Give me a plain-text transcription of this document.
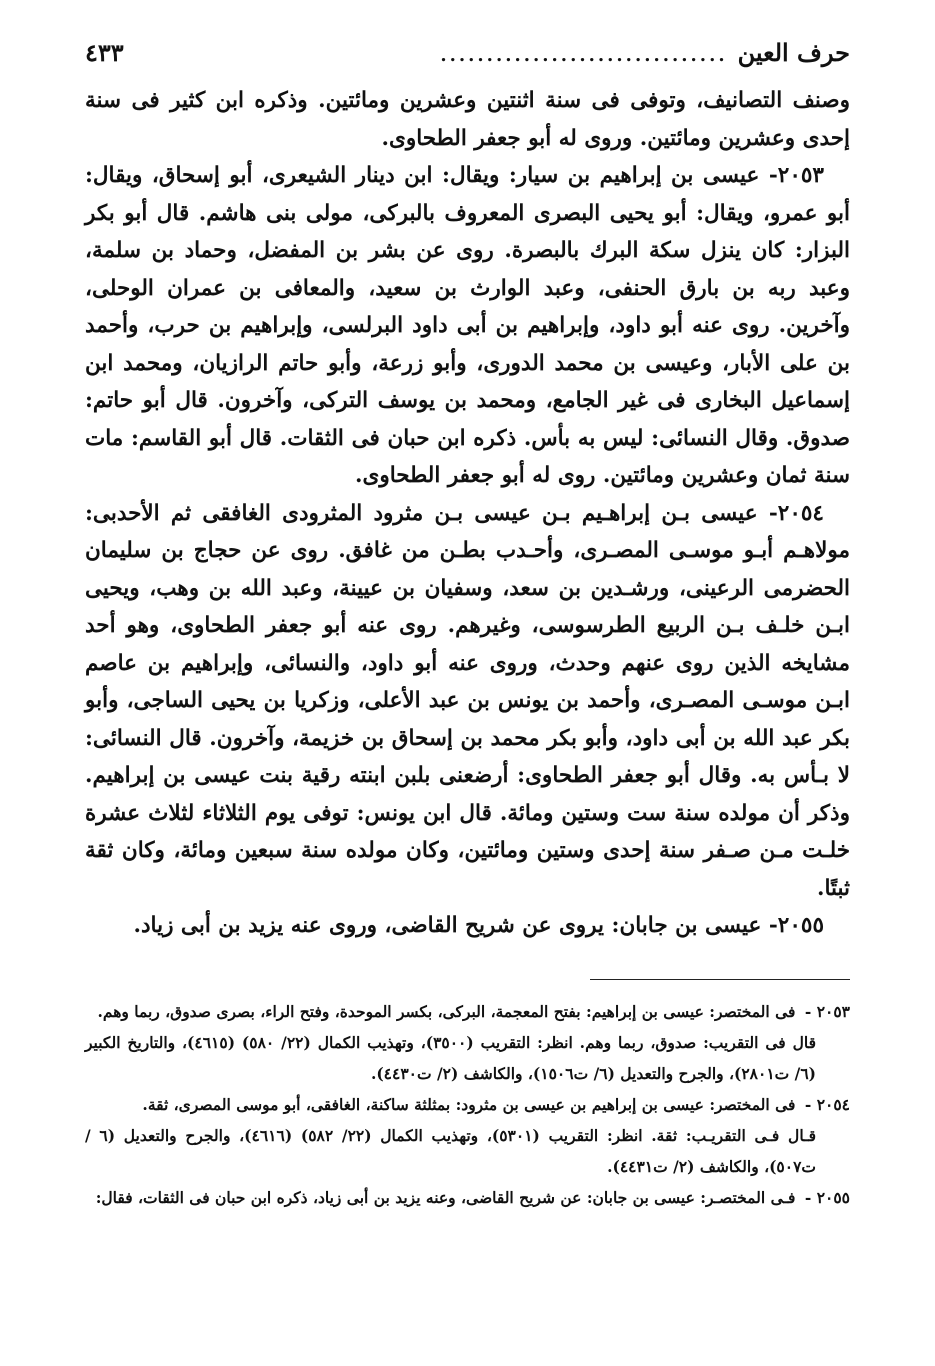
حرف العين
...............................
٤٣٣

وصنف التصانيف، وتوفى فى سنة اثنتين وعشرين ومائتين. وذكره ابن كثير فى سنة إحدى وعشرين ومائتين. وروى له أبو جعفر الطحاوى.

٢٠٥٣- عيسى بن إبراهيم بن سيار: ويقال: ابن دينار الشيعرى، أبو إسحاق، ويقال: أبو عمرو، ويقال: أبو يحيى البصرى المعروف بالبركى، مولى بنى هاشم. قال أبو بكر البزار: كان ينزل سكة البرك بالبصرة. روى عن بشر بن المفضل، وحماد بن سلمة، وعبد ربه بن بارق الحنفى، وعبد الوارث بن سعيد، والمعافى بن عمران الوحلى، وآخرين. روى عنه أبو داود، وإبراهيم بن أبى داود البرلسى، وإبراهيم بن حرب، وأحمد بن على الأبار، وعيسى بن محمد الدورى، وأبو زرعة، وأبو حاتم الرازيان، ومحمد ابن إسماعيل البخارى فى غير الجامع، ومحمد بن يوسف التركى، وآخرون. قال أبو حاتم: صدوق. وقال النسائى: ليس به بأس. ذكره ابن حبان فى الثقات. قال أبو القاسم: مات سنة ثمان وعشرين ومائتين. روى له أبو جعفر الطحاوى.

٢٠٥٤- عيسى بـن إبراهـيم بـن عيسى بـن مثرود المثرودى الغافقى ثم الأحدبى: مولاهـم أبـو موسـى المصـرى، وأحـدب بطـن من غافق. روى عن حجاج بن سليمان الحضرمى الرعينى، ورشـدين بن سعد، وسفيان بن عيينة، وعبد الله بن وهب، ويحيى ابـن خلـف بـن الربيع الطرسوسى، وغيرهم. روى عنه أبو جعفر الطحاوى، وهو أحد مشايخه الذين روى عنهم وحدث، وروى عنه أبو داود، والنسائى، وإبراهيم بن عاصم ابـن موسـى المصـرى، وأحمد بن يونس بن عبد الأعلى، وزكريا بن يحيى الساجى، وأبو بكر عبد الله بن أبى داود، وأبو بكر محمد بن إسحاق بن خزيمة، وآخرون. قال النسائى: لا بـأس به. وقال أبو جعفر الطحاوى: أرضعنى بلبن ابنته رقية بنت عيسى بن إبراهيم. وذكر أن مولده سنة ست وستين ومائة. قال ابن يونس: توفى يوم الثلاثاء لثلاث عشرة خلـت مـن صـفر سنة إحدى وستين ومائتين، وكان مولده سنة سبعين ومائة، وكان ثقة ثبتًا.

٢٠٥٥- عيسى بن جابان: يروى عن شريح القاضى، وروى عنه يزيد بن أبى زياد.

٢٠٥٣ - فى المختصر: عيسى بن إبراهيم: بفتح المعجمة، البركى، بكسر الموحدة، وفتح الراء، بصرى صدوق، ربما وهم.

قال فى التقريب: صدوق، ربما وهم. انظر: التقريب (٣٥٠٠)، وتهذيب الكمال (٢٢/ ٥٨٠) (٤٦١٥)، والتاريخ الكبير (٦/ ت٢٨٠١)، والجرح والتعديل (٦/ ت١٥٠٦)، والكاشف (٢/ ت٤٤٣٠).

٢٠٥٤ - فى المختصر: عيسى بن إبراهيم بن عيسى بن مثرود: بمثلثة ساكنة، الغافقى، أبو موسى المصرى، ثقة.

قـال فـى التقريـب: ثقة. انظر: التقريب (٥٣٠١)، وتهذيب الكمال (٢٢/ ٥٨٢) (٤٦١٦)، والجرح والتعديل (٦ / ت٥٠٧)، والكاشف (٢/ ت٤٤٣١).

٢٠٥٥ - فـى المختصـر: عيسى بن جابان: عن شريح القاضى، وعنه يزيد بن أبى زياد، ذكره ابن حبان فى الثقات، فقال:
